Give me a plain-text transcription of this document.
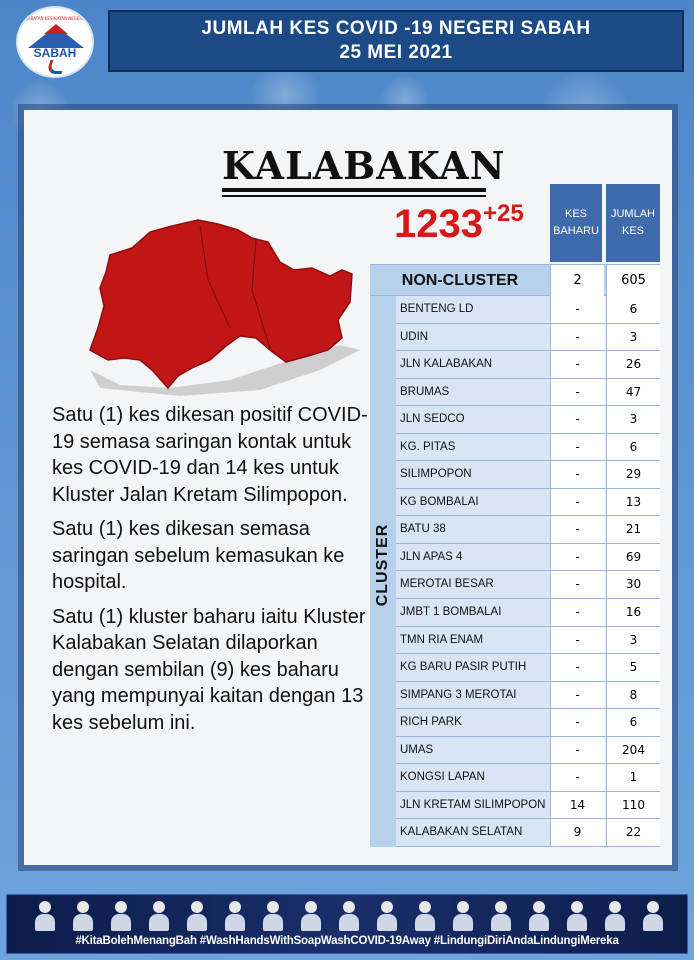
JABATAN KESIHATAN NEGERI
SABAH
JUMLAH KES COVID -19 NEGERI SABAH
25 MEI 2021
KALABAKAN
1233+25

Satu (1) kes dikesan positif COVID-19 semasa saringan kontak untuk kes COVID-19 dan 14 kes untuk Kluster Jalan Kretam Silimpopon.

Satu (1) kes dikesan semasa saringan sebelum kemasukan ke hospital.

Satu (1) kluster baharu iaitu Kluster Kalabakan Selatan dilaporkan dengan sembilan (9) kes baharu yang mempunyai kaitan dengan 13 kes sebelum ini.

KES BAHARU
JUMLAH KES
NON-CLUSTER	2	605
CLUSTER
BENTENG LD	-	6
UDIN	-	3
JLN KALABAKAN	-	26
BRUMAS	-	47
JLN SEDCO	-	3
KG. PITAS	-	6
SILIMPOPON	-	29
KG BOMBALAI	-	13
BATU 38	-	21
JLN APAS 4	-	69
MEROTAI BESAR	-	30
JMBT 1 BOMBALAI	-	16
TMN RIA ENAM	-	3
KG BARU PASIR PUTIH	-	5
SIMPANG 3 MEROTAI	-	8
RICH PARK	-	6
UMAS	-	204
KONGSI LAPAN	-	1
JLN KRETAM SILIMPOPON	14	110
KALABAKAN SELATAN	9	22
#KitaBolehMenangBah #WashHandsWithSoapWashCOVID-19Away #LindungiDiriAndaLindungiMereka
